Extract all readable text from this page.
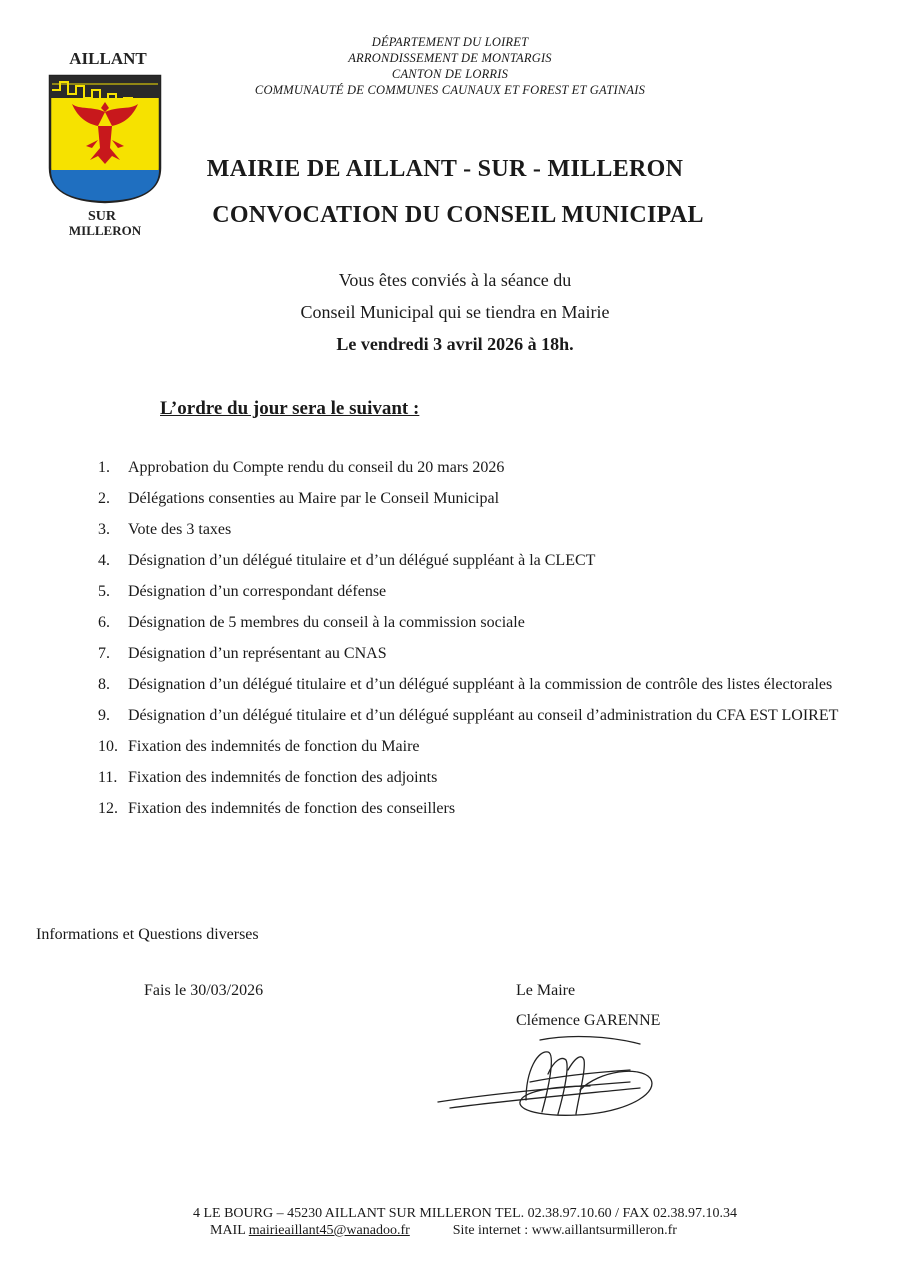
DÉPARTEMENT DU LOIRET
ARRONDISSEMENT DE MONTARGIS
CANTON DE LORRIS
COMMUNAUTÉ DE COMMUNES CAUNAUX ET FOREST ET GATINAIS
AILLANT
SUR
MILLERON
MAIRIE DE AILLANT - SUR - MILLERON
CONVOCATION DU CONSEIL MUNICIPAL
Vous êtes conviés à la séance du
Conseil Municipal qui se tiendra en Mairie
Le vendredi 3 avril 2026 à 18h.
L’ordre du jour sera le suivant :
1.	Approbation du Compte rendu du conseil du 20 mars 2026
2.	Délégations consenties au Maire par le Conseil Municipal
3.	Vote des 3 taxes
4.	Désignation d’un délégué titulaire et d’un délégué suppléant à la CLECT
5.	Désignation d’un correspondant défense
6.	Désignation de 5 membres du conseil à la commission sociale
7.	Désignation d’un représentant au CNAS
8.	Désignation d’un délégué titulaire et d’un délégué suppléant à la commission de contrôle des listes électorales
9.	Désignation d’un délégué titulaire et d’un délégué suppléant au conseil d’administration du CFA EST LOIRET
10. Fixation des indemnités de fonction du Maire
11. Fixation des indemnités de fonction des adjoints
12. Fixation des indemnités de fonction des conseillers
Informations et Questions diverses
Fais le 30/03/2026	Le Maire
Clémence GARENNE
4 LE BOURG – 45230 AILLANT SUR MILLERON TEL. 02.38.97.10.60 / FAX 02.38.97.10.34
MAIL mairieaillant45@wanadoo.fr	Site internet : www.aillantsurmilleron.fr
